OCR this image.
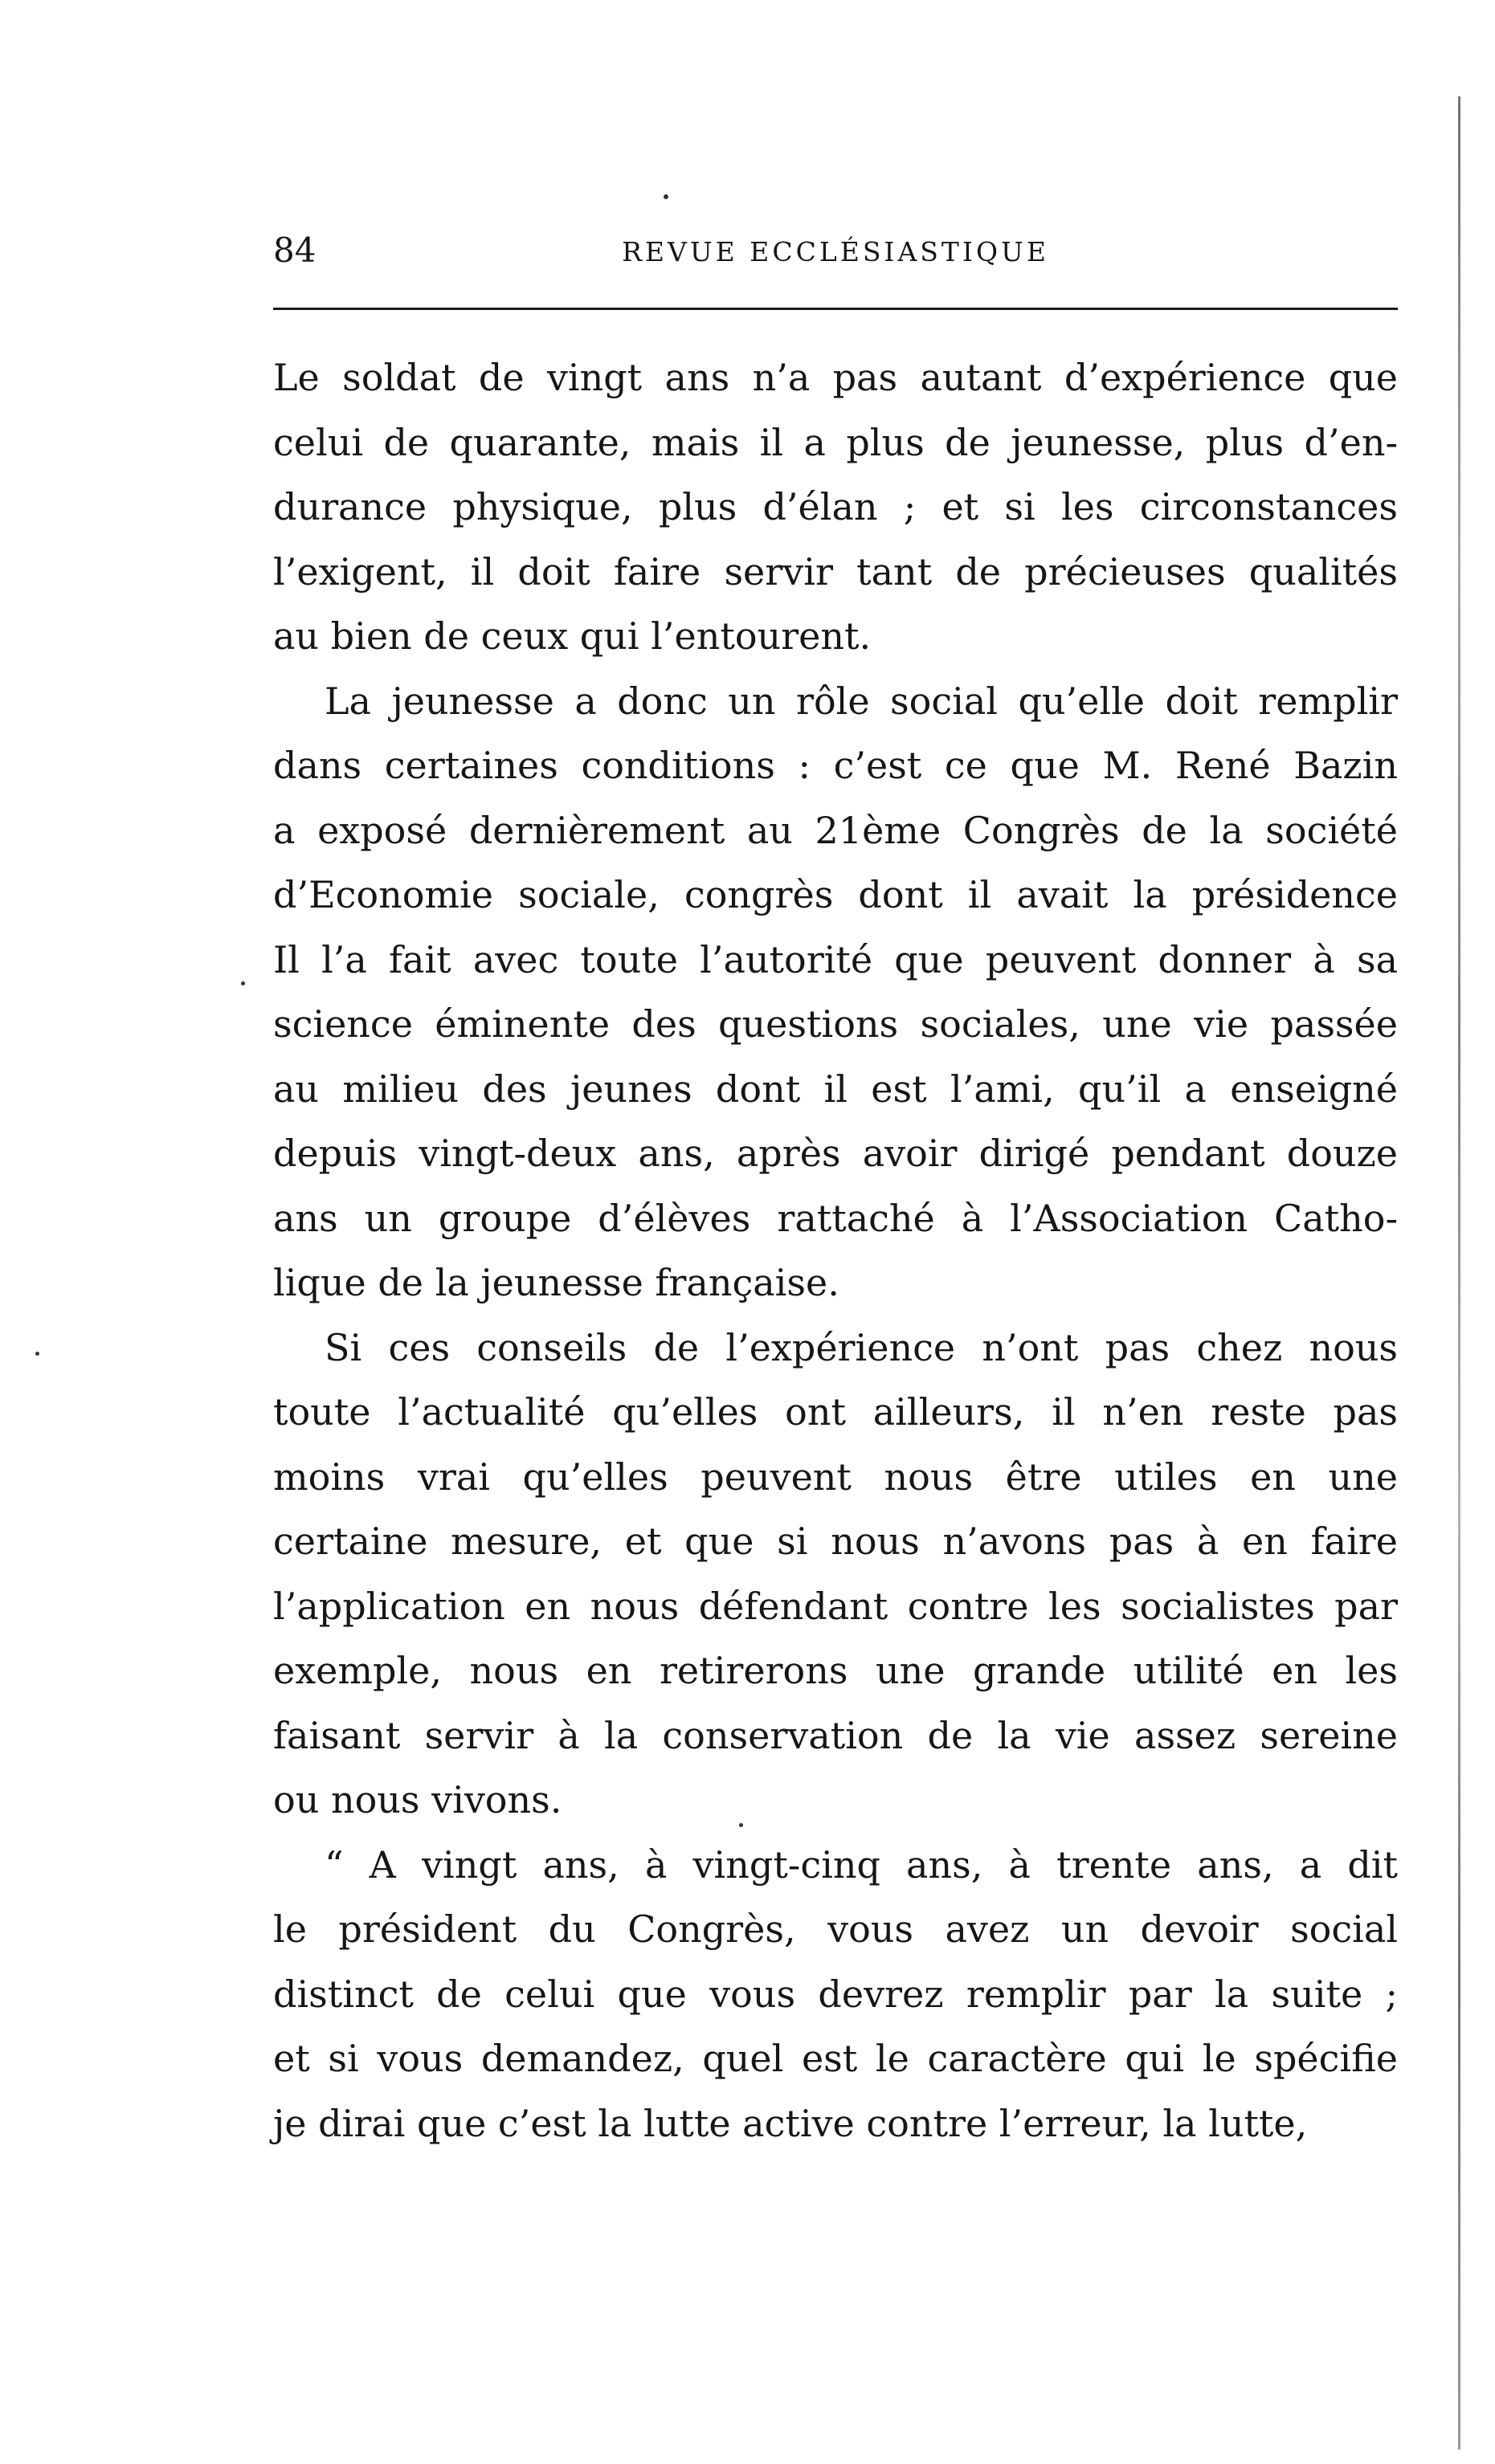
84	REVUE ECCLÉSIASTIQUE
Le soldat de vingt ans n’a pas autant d’expérience que
celui de quarante, mais il a plus de jeunesse, plus d’en-
durance physique, plus d’élan ; et si les circonstances
l’exigent, il doit faire servir tant de précieuses qualités
au bien de ceux qui l’entourent.
La jeunesse a donc un rôle social qu’elle doit remplir
dans certaines conditions : c’est ce que M. René Bazin
a exposé dernièrement au 21ème Congrès de la société
d’Economie sociale, congrès dont il avait la présidence
Il l’a fait avec toute l’autorité que peuvent donner à sa
science éminente des questions sociales, une vie passée
au milieu des jeunes dont il est l’ami, qu’il a enseigné
depuis vingt-deux ans, après avoir dirigé pendant douze
ans un groupe d’élèves rattaché à l’Association Catho-
lique de la jeunesse française.
Si ces conseils de l’expérience n’ont pas chez nous
toute l’actualité qu’elles ont ailleurs, il n’en reste pas
moins vrai qu’elles peuvent nous être utiles en une
certaine mesure, et que si nous n’avons pas à en faire
l’application en nous défendant contre les socialistes par
exemple, nous en retirerons une grande utilité en les
faisant servir à la conservation de la vie assez sereine
ou nous vivons.
“ A vingt ans, à vingt-cinq ans, à trente ans, a dit
le président du Congrès, vous avez un devoir social
distinct de celui que vous devrez remplir par la suite ;
et si vous demandez, quel est le caractère qui le spécifie
je dirai que c’est la lutte active contre l’erreur, la lutte,
